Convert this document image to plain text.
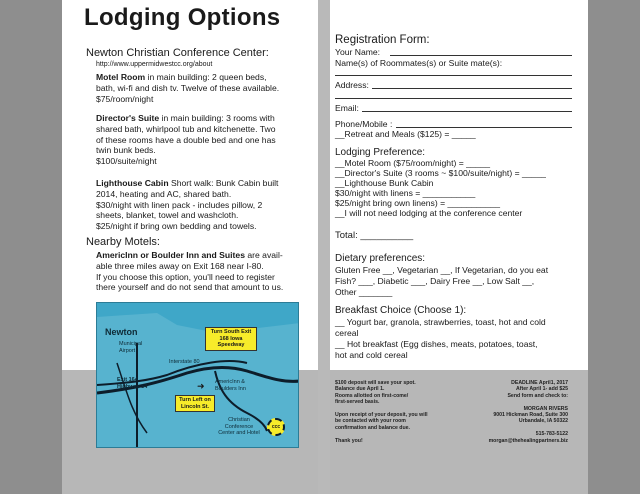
Lodging Options
Newton Christian Conference Center:
http://www.uppermidwestcc.org/about
Motel Room in main building: 2 queen beds,
bath, wi-fi and dish tv. Twelve of these available.
$75/room/night
Director's Suite in main building: 3 rooms with
shared bath, whirlpool tub and kitchenette. Two
of these rooms have a double bed and one has
twin bunk beds.
$100/suite/night
Lighthouse Cabin Short walk: Bunk Cabin built
2014, heating and AC, shared bath.
$30/night with linen pack - includes pillow, 2
sheets, blanket, towel and washcloth.
$25/night if bring own bedding and towels.
Nearby Motels:
AmericInn or Boulder Inn and Suites are avail-
able three miles away on Exit 168 near I-80.
If you choose this option, you'll need to register
there yourself and do not send that amount to us.
Newton
Municipal Airport
Interstate 80
Exit 164
Highway 14
Turn South Exit 168 Iowa Speedway
AmericInn & Boulders Inn
Turn Left on Lincoln St.
Christian Conference Center and Hotel
ccc
➜
Registration Form:
Your Name:
Name(s) of Roommates(s) or Suite mate(s):
Address:
Email:
Phone/Mobile :
__Retreat and Meals ($125) = _____
Lodging Preference:
__Motel Room ($75/room/night) = _____
__Director's Suite (3 rooms ~ $100/suite/night) = _____
__Lighthouse Bunk Cabin
$30/night with linens = ___________
$25/night bring own linens) = ___________
__I will not need lodging at the conference center
Total: __________
Dietary preferences:
Gluten Free __, Vegetarian __, If Vegetarian, do you eat
Fish? ___, Diabetic ___, Dairy Free __, Low Salt __,
Other _______
Breakfast Choice (Choose 1):
__ Yogurt bar, granola, strawberries, toast, hot and cold
cereal
__ Hot breakfast (Egg dishes, meats, potatoes, toast,
hot and cold cereal
$100 deposit will save your spot.
Balance due April 1.
Rooms allotted on first-come/
first-served basis.

Upon receipt of your deposit, you will
be contacted with your room
confirmation and balance due.

Thank you!
DEADLINE April1, 2017
After April 1- add $25
Send form and check to:

MORGAN RIVERS
9001 Hickman Road, Suite 300
Urbandale, IA 50322

515-783-5122
morgan@thehealingpartners.biz
